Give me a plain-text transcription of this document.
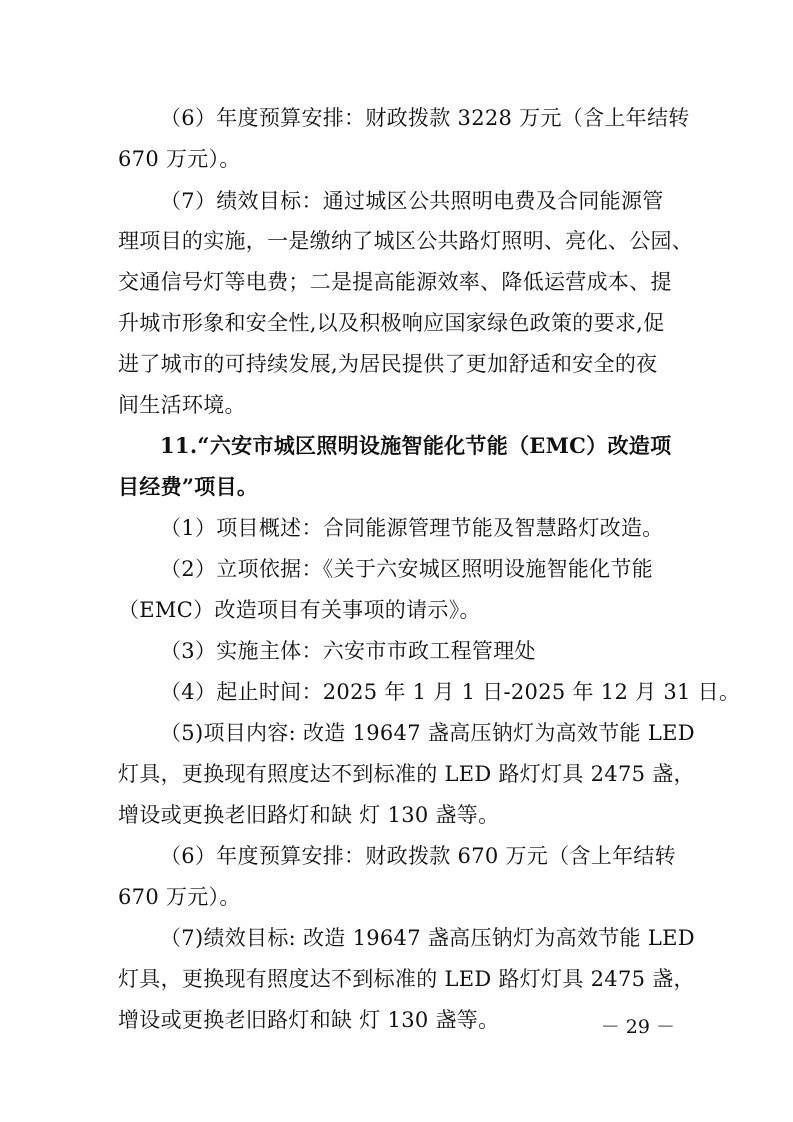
（6）年度预算安排：财政拨款 3228 万元（含上年结转
670 万元）。
（7）绩效目标：通过城区公共照明电费及合同能源管
理项目的实施，一是缴纳了城区公共路灯照明、亮化、公园、
交通信号灯等电费；二是提高能源效率、降低运营成本、提
升城市形象和安全性,以及积极响应国家绿色政策的要求,促
进了城市的可持续发展,为居民提供了更加舒适和安全的夜
间生活环境。
11.“六安市城区照明设施智能化节能（EMC）改造项
目经费”项目。
（1）项目概述：合同能源管理节能及智慧路灯改造。
（2）立项依据：《关于六安城区照明设施智能化节能
（EMC）改造项目有关事项的请示》。
（3）实施主体：六安市市政工程管理处
（4）起止时间：2025 年 1 月 1 日-2025 年 12 月 31 日。
（5)项目内容: 改造 19647 盏高压钠灯为高效节能 LED
灯具，更换现有照度达不到标准的 LED 路灯灯具 2475 盏，
增设或更换老旧路灯和缺 灯 130 盏等。
（6）年度预算安排：财政拨款 670 万元（含上年结转
670 万元）。
（7)绩效目标: 改造 19647 盏高压钠灯为高效节能 LED
灯具，更换现有照度达不到标准的 LED 路灯灯具 2475 盏，
增设或更换老旧路灯和缺 灯 130 盏等。	－ 29 －
